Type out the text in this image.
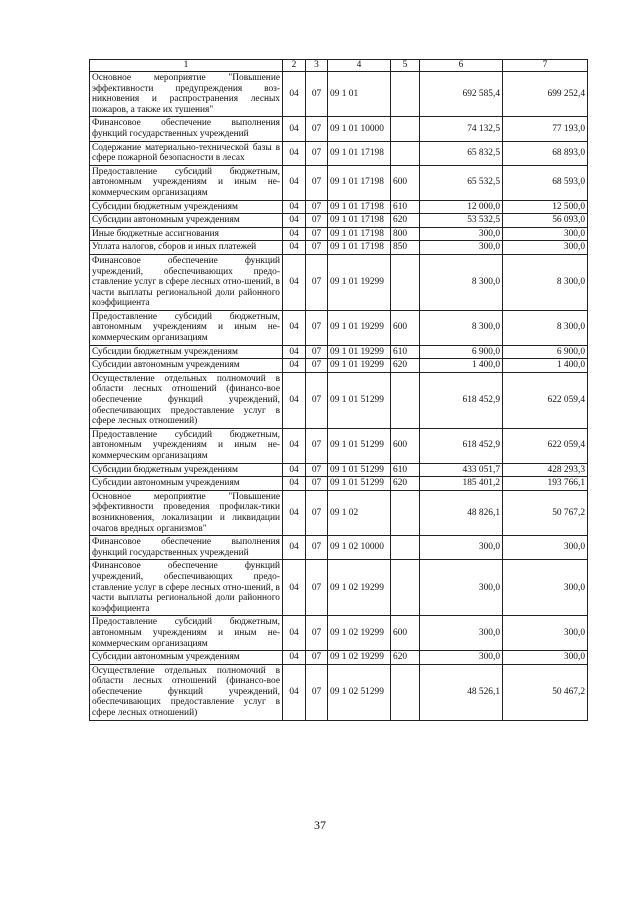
1	2	3	4	5	6	7
Основное мероприятие "Повышение эффективности предупреждения воз-никновения и распространения лесных пожаров, а также их тушения"	04	07	09 1 01		692 585,4	699 252,4
Финансовое обеспечение выполнения функций государственных учреждений	04	07	09 1 01 10000		74 132,5	77 193,0
Содержание материально-технической базы в сфере пожарной безопасности в лесах	04	07	09 1 01 17198		65 832,5	68 893,0
Предоставление субсидий бюджетным, автономным учреждениям и иным не-коммерческим организациям	04	07	09 1 01 17198	600	65 532,5	68 593,0
Субсидии бюджетным учреждениям	04	07	09 1 01 17198	610	12 000,0	12 500,0
Субсидии автономным учреждениям	04	07	09 1 01 17198	620	53 532,5	56 093,0
Иные бюджетные ассигнования	04	07	09 1 01 17198	800	300,0	300,0
Уплата налогов, сборов и иных платежей	04	07	09 1 01 17198	850	300,0	300,0
Финансовое обеспечение функций учреждений, обеспечивающих предо-ставление услуг в сфере лесных отно-шений, в части выплаты региональной доли районного коэффициента	04	07	09 1 01 19299		8 300,0	8 300,0
Предоставление субсидий бюджетным, автономным учреждениям и иным не-коммерческим организациям	04	07	09 1 01 19299	600	8 300,0	8 300,0
Субсидии бюджетным учреждениям	04	07	09 1 01 19299	610	6 900,0	6 900,0
Субсидии автономным учреждениям	04	07	09 1 01 19299	620	1 400,0	1 400,0
Осуществление отдельных полномочий в области лесных отношений (финансо-вое обеспечение функций учреждений, обеспечивающих предоставление услуг в сфере лесных отношений)	04	07	09 1 01 51299		618 452,9	622 059,4
Предоставление субсидий бюджетным, автономным учреждениям и иным не-коммерческим организациям	04	07	09 1 01 51299	600	618 452,9	622 059,4
Субсидии бюджетным учреждениям	04	07	09 1 01 51299	610	433 051,7	428 293,3
Субсидии автономным учреждениям	04	07	09 1 01 51299	620	185 401,2	193 766,1
Основное мероприятие "Повышение эффективности проведения профилак-тики возникновения, локализации и ликвидации очагов вредных организмов"	04	07	09 1 02		48 826,1	50 767,2
Финансовое обеспечение выполнения функций государственных учреждений	04	07	09 1 02 10000		300,0	300,0
Финансовое обеспечение функций учреждений, обеспечивающих предо-ставление услуг в сфере лесных отно-шений, в части выплаты региональной доли районного коэффициента	04	07	09 1 02 19299		300,0	300,0
Предоставление субсидий бюджетным, автономным учреждениям и иным не-коммерческим организациям	04	07	09 1 02 19299	600	300,0	300,0
Субсидии автономным учреждениям	04	07	09 1 02 19299	620	300,0	300,0
Осуществление отдельных полномочий в области лесных отношений (финансо-вое обеспечение функций учреждений, обеспечивающих предоставление услуг в сфере лесных отношений)	04	07	09 1 02 51299		48 526,1	50 467,2
37
